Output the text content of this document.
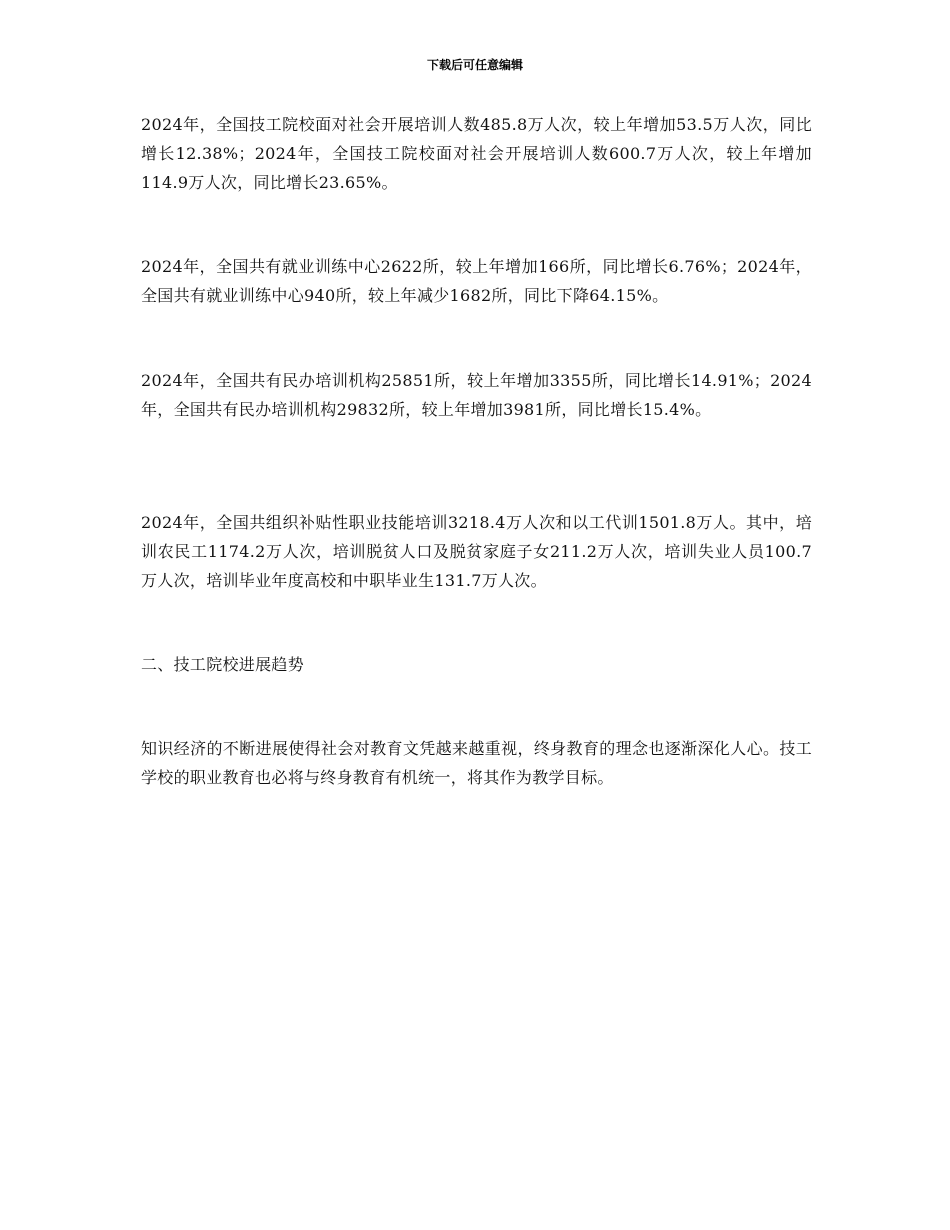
下载后可任意编辑

2024年，全国技工院校面对社会开展培训人数485.8万人次，较上年增加53.5万人次，同比增长12.38%；2024年，全国技工院校面对社会开展培训人数600.7万人次，较上年增加114.9万人次，同比增长23.65%。

2024年，全国共有就业训练中心2622所，较上年增加166所，同比增长6.76%；2024年，全国共有就业训练中心940所，较上年减少1682所，同比下降64.15%。

2024年，全国共有民办培训机构25851所，较上年增加3355所，同比增长14.91%；2024年，全国共有民办培训机构29832所，较上年增加3981所，同比增长15.4%。

2024年，全国共组织补贴性职业技能培训3218.4万人次和以工代训1501.8万人。其中，培训农民工1174.2万人次，培训脱贫人口及脱贫家庭子女211.2万人次，培训失业人员100.7万人次，培训毕业年度高校和中职毕业生131.7万人次。

二、技工院校进展趋势

知识经济的不断进展使得社会对教育文凭越来越重视，终身教育的理念也逐渐深化人心。技工学校的职业教育也必将与终身教育有机统一，将其作为教学目标。
